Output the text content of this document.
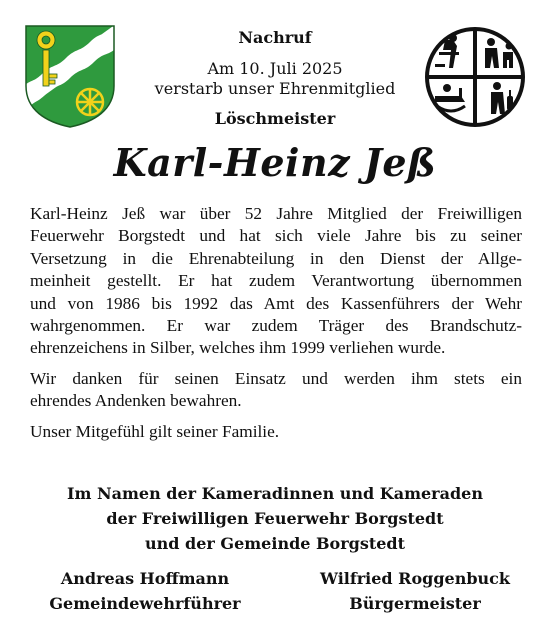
Nachruf
Am 10. Juli 2025
verstarb unser Ehrenmitglied
Löschmeister
Karl-Heinz Jeß

Karl-Heinz Jeß war über 52 Jahre Mitglied der Freiwilligen
Feuerwehr Borgstedt und hat sich viele Jahre bis zu seiner
Versetzung in die Ehrenabteilung in den Dienst der Allge-
meinheit gestellt. Er hat zudem Verantwortung übernommen
und von 1986 bis 1992 das Amt des Kassenführers der Wehr
wahrgenommen. Er war zudem Träger des Brandschutz-
ehrenzeichens in Silber, welches ihm 1999 verliehen wurde.

Wir danken für seinen Einsatz und werden ihm stets ein
ehrendes Andenken bewahren.

Unser Mitgefühl gilt seiner Familie.

Im Namen der Kameradinnen und Kameraden
der Freiwilligen Feuerwehr Borgstedt
und der Gemeinde Borgstedt
Andreas Hoffmann
Gemeindewehrführer
Wilfried Roggenbuck
Bürgermeister
